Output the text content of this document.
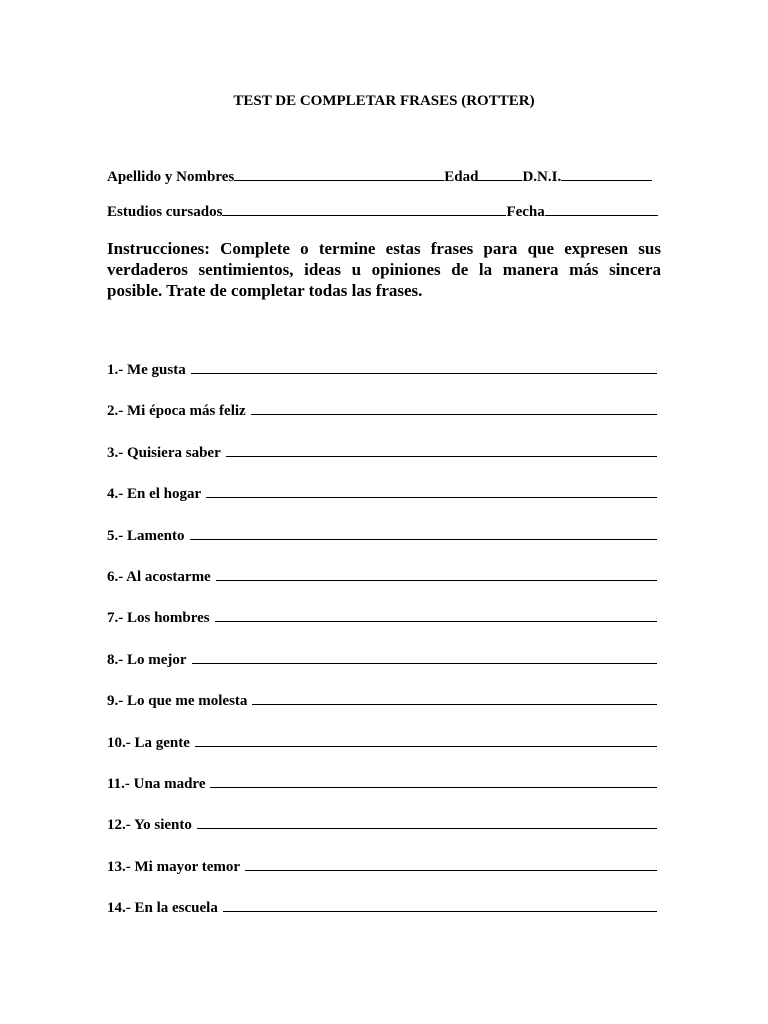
TEST DE COMPLETAR FRASES (ROTTER)
Apellido y Nombres	Edad	D.N.I.
Estudios cursados	Fecha
Instrucciones: Complete o termine estas frases para que expresen sus verdaderos sentimientos, ideas u opiniones de la manera más sincera posible. Trate de completar todas las frases.
1.- Me gusta
2.- Mi época más feliz
3.- Quisiera saber
4.- En el hogar
5.- Lamento
6.- Al acostarme
7.- Los hombres
8.- Lo mejor
9.- Lo que me molesta
10.- La gente
11.- Una madre
12.- Yo siento
13.- Mi mayor temor
14.- En la escuela
